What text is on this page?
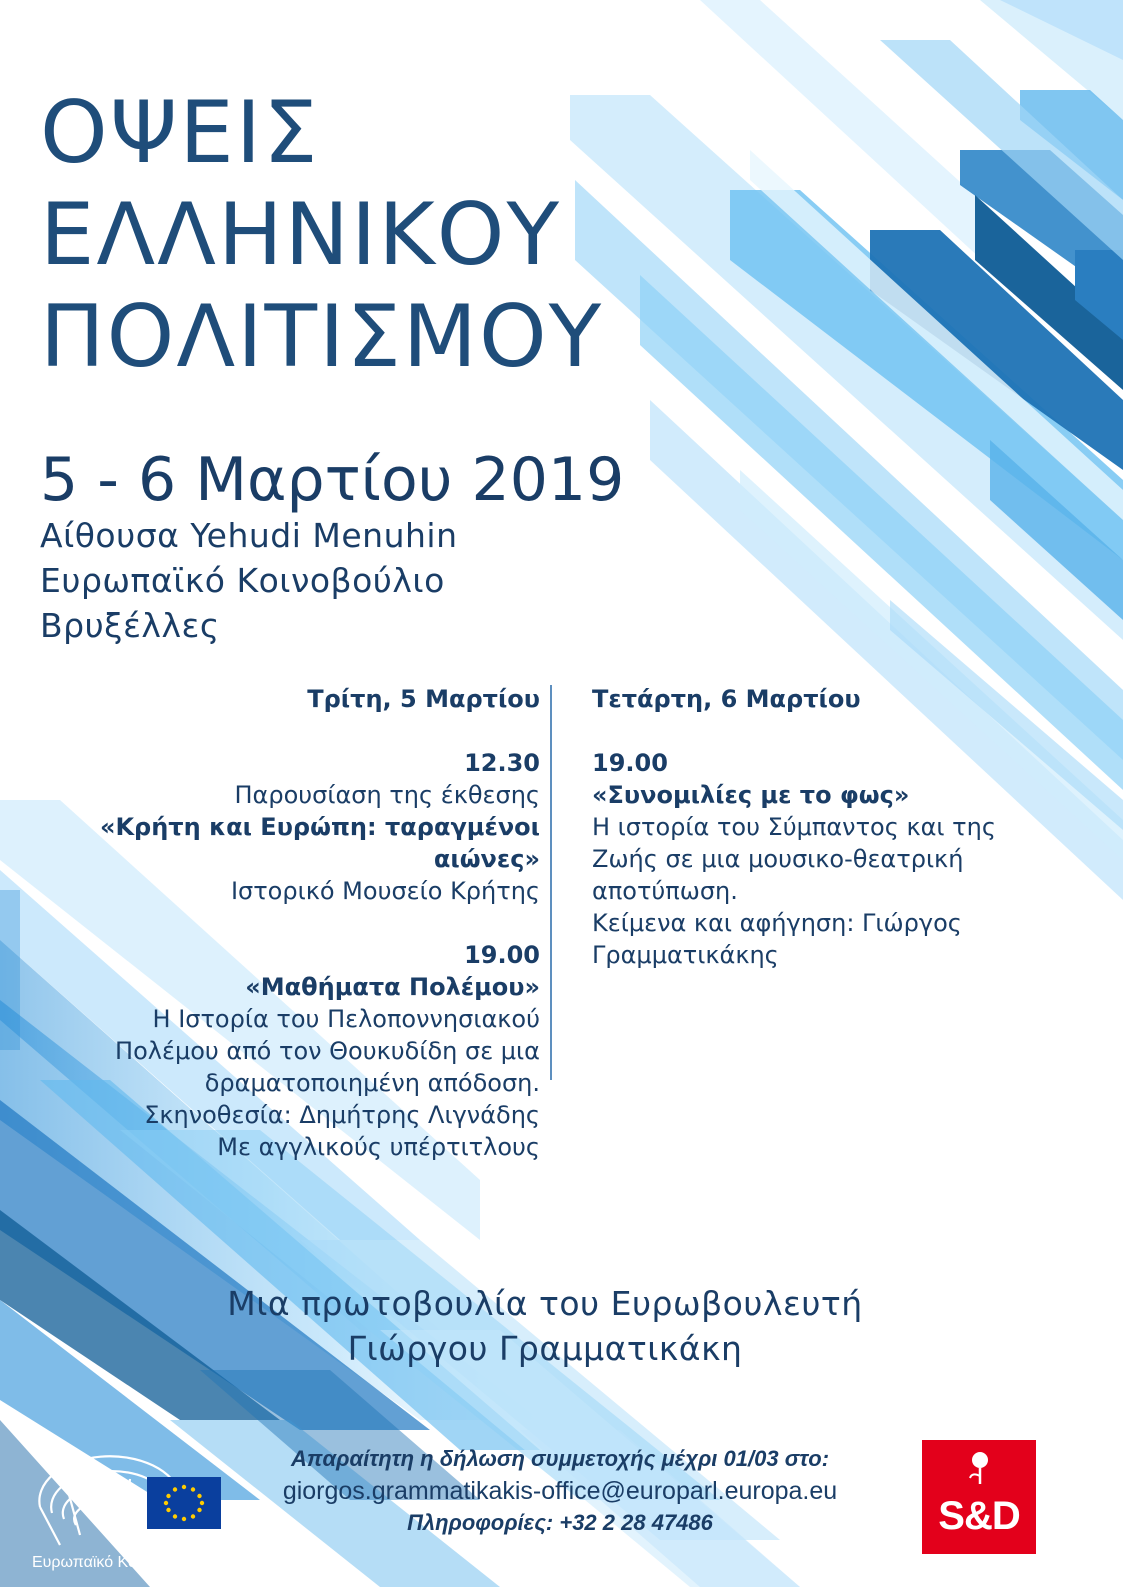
ΟΨΕΙΣ
ΕΛΛΗΝΙΚΟΥ
ΠΟΛΙΤΙΣΜΟΥ
5 - 6 Μαρτίου 2019
Αίθουσα Yehudi Menuhin
Ευρωπαϊκό Κοινοβούλιο
Βρυξέλλες
Τρίτη, 5 Μαρτίου
12.30
Παρουσίαση της έκθεσης
«Κρήτη και Ευρώπη: ταραγμένοι
αιώνες»
Ιστορικό Μουσείο Κρήτης
19.00
«Μαθήματα Πολέμου»
Η Ιστορία του Πελοποννησιακού
Πολέμου από τον Θουκυδίδη σε μια
δραματοποιημένη απόδοση.
Σκηνοθεσία: Δημήτρης Λιγνάδης
Με αγγλικούς υπέρτιτλους
Τετάρτη, 6 Μαρτίου
19.00
«Συνομιλίες με το φως»
Η ιστορία του Σύμπαντος και της
Ζωής σε μια μουσικο-θεατρική
αποτύπωση.
Κείμενα και αφήγηση: Γιώργος
Γραμματικάκης
Μια πρωτοβουλία του Ευρωβουλευτή
Γιώργου Γραμματικάκη
Απαραίτητη η δήλωση συμμετοχής μέχρι 01/03 στο:
giorgos.grammatikakis-office@europarl.europa.eu
Πληροφορίες: +32 2 28 47486
Ευρωπαϊκό Κοινοβούλιο
S&D
